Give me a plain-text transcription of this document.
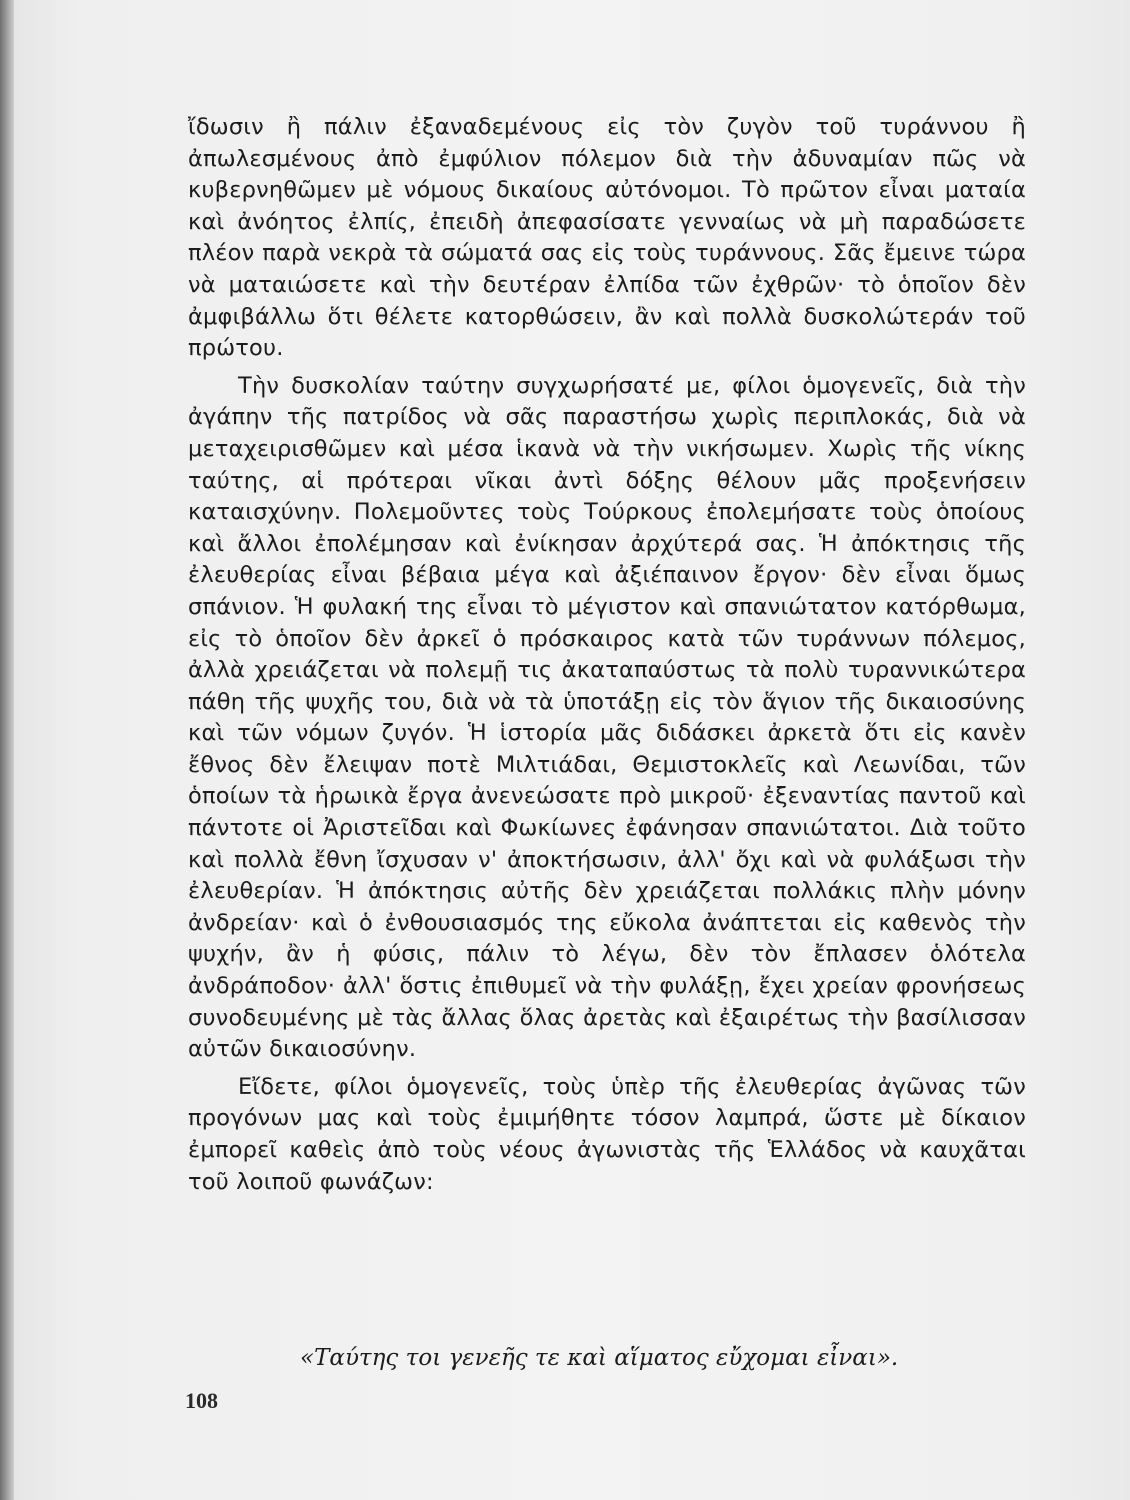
ἴδωσιν ἢ πάλιν ἐξαναδεμένους εἰς τὸν ζυγὸν τοῦ τυράννου ἢ ἀπωλεσμένους ἀπὸ ἐμφύλιον πόλεμον διὰ τὴν ἀδυναμίαν πῶς νὰ κυβερνηθῶμεν μὲ νόμους δικαίους αὐτόνομοι. Τὸ πρῶτον εἶναι ματαία καὶ ἀνόητος ἐλπίς, ἐπειδὴ ἀπεφασίσατε γενναίως νὰ μὴ παραδώσετε πλέον παρὰ νεκρὰ τὰ σώματά σας εἰς τοὺς τυράννους. Σᾶς ἔμεινε τώρα νὰ ματαιώσετε καὶ τὴν δευτέραν ἐλπίδα τῶν ἐχθρῶν· τὸ ὁποῖον δὲν ἀμφιβάλλω ὅτι θέλετε κατορθώσειν, ἂν καὶ πολλὰ δυσκολώτεράν τοῦ πρώτου.

Τὴν δυσκολίαν ταύτην συγχωρήσατέ με, φίλοι ὁμογενεῖς, διὰ τὴν ἀγάπην τῆς πατρίδος νὰ σᾶς παραστήσω χωρὶς περιπλοκάς, διὰ νὰ μεταχειρισθῶμεν καὶ μέσα ἱκανὰ νὰ τὴν νικήσωμεν. Χωρὶς τῆς νίκης ταύτης, αἱ πρότεραι νῖκαι ἀντὶ δόξης θέλουν μᾶς προξενήσειν καταισχύνην. Πολεμοῦντες τοὺς Τούρκους ἐπολεμήσατε τοὺς ὁποίους καὶ ἄλλοι ἐπολέμησαν καὶ ἐνίκησαν ἀρχύτερά σας. Ἡ ἀπόκτησις τῆς ἐλευθερίας εἶναι βέβαια μέγα καὶ ἀξιέπαινον ἔργον· δὲν εἶναι ὅμως σπάνιον. Ἡ φυλακή της εἶναι τὸ μέγιστον καὶ σπανιώτατον κατόρθωμα, εἰς τὸ ὁποῖον δὲν ἀρκεῖ ὁ πρόσκαιρος κατὰ τῶν τυράννων πόλεμος, ἀλλὰ χρειάζεται νὰ πολεμῇ τις ἀκαταπαύστως τὰ πολὺ τυραννικώτερα πάθη τῆς ψυχῆς του, διὰ νὰ τὰ ὑποτάξῃ εἰς τὸν ἅγιον τῆς δικαιοσύνης καὶ τῶν νόμων ζυγόν. Ἡ ἱστορία μᾶς διδάσκει ἀρκετὰ ὅτι εἰς κανὲν ἔθνος δὲν ἔλειψαν ποτὲ Μιλτιάδαι, Θεμιστοκλεῖς καὶ Λεωνίδαι, τῶν ὁποίων τὰ ἡρωικὰ ἔργα ἀνενεώσατε πρὸ μικροῦ· ἐξεναντίας παντοῦ καὶ πάντοτε οἱ Ἀριστεῖδαι καὶ Φωκίωνες ἐφάνησαν σπανιώτατοι. Διὰ τοῦτο καὶ πολλὰ ἔθνη ἴσχυσαν ν' ἀποκτήσωσιν, ἀλλ' ὄχι καὶ νὰ φυλάξωσι τὴν ἐλευθερίαν. Ἡ ἀπόκτησις αὐτῆς δὲν χρειάζεται πολλάκις πλὴν μόνην ἀνδρείαν· καὶ ὁ ἐνθουσιασμός της εὔκολα ἀνάπτεται εἰς καθενὸς τὴν ψυχήν, ἂν ἡ φύσις, πάλιν τὸ λέγω, δὲν τὸν ἔπλασεν ὁλότελα ἀνδράποδον· ἀλλ' ὅστις ἐπιθυμεῖ νὰ τὴν φυλάξῃ, ἔχει χρείαν φρονήσεως συνοδευμένης μὲ τὰς ἄλλας ὅλας ἀρετὰς καὶ ἐξαιρέτως τὴν βασίλισσαν αὐτῶν δικαιοσύνην.

Εἴδετε, φίλοι ὁμογενεῖς, τοὺς ὑπὲρ τῆς ἐλευθερίας ἀγῶνας τῶν προγόνων μας καὶ τοὺς ἐμιμήθητε τόσον λαμπρά, ὥστε μὲ δίκαιον ἐμπορεῖ καθεὶς ἀπὸ τοὺς νέους ἀγωνιστὰς τῆς Ἑλλάδος νὰ καυχᾶται τοῦ λοιποῦ φωνάζων:

«Ταύτης τοι γενεῆς τε καὶ αἵματος εὔχομαι εἶναι».
108
